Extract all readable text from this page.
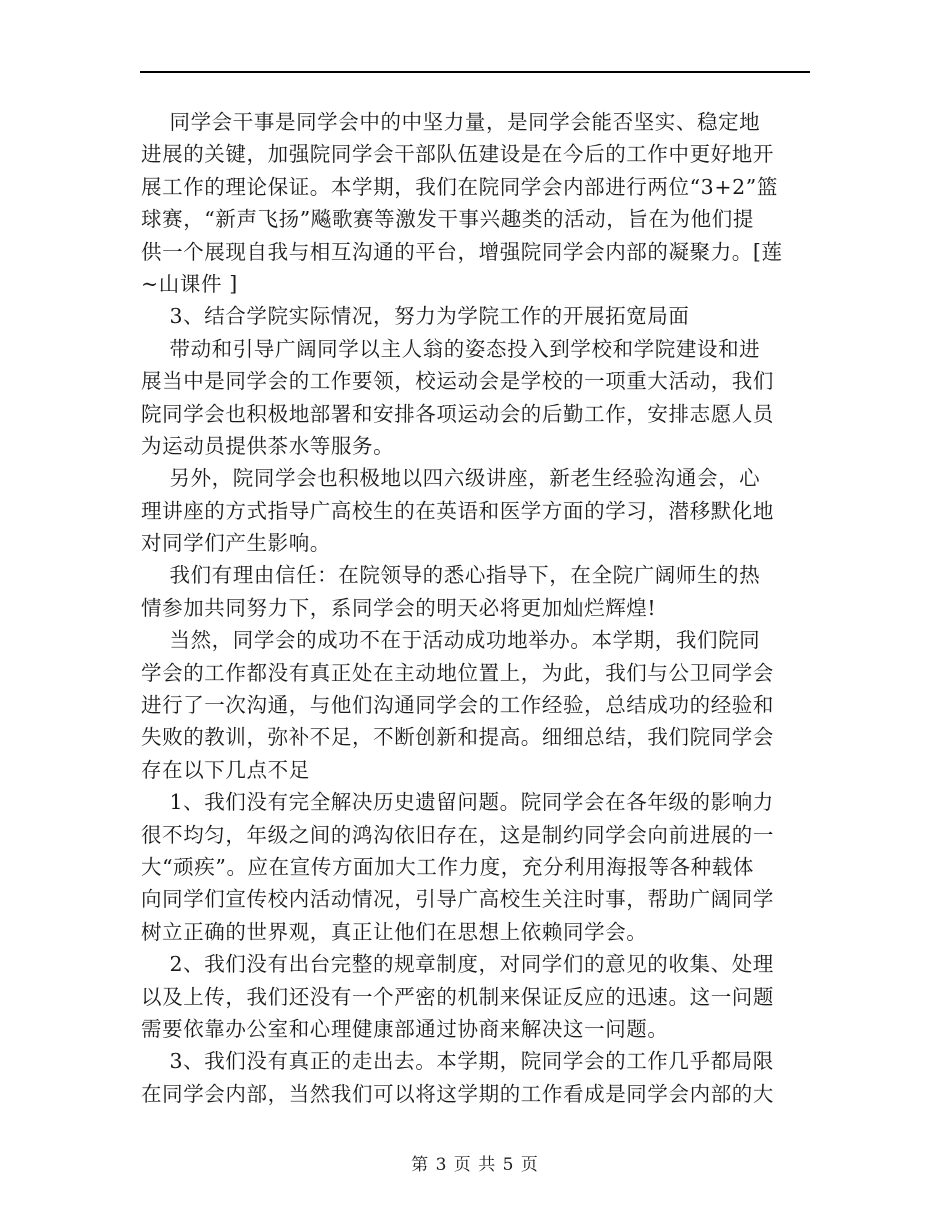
同学会干事是同学会中的中坚力量，是同学会能否坚实、稳定地
进展的关键，加强院同学会干部队伍建设是在今后的工作中更好地开
展工作的理论保证。本学期，我们在院同学会内部进行两位“3+2”篮
球赛，“新声飞扬”飚歌赛等激发干事兴趣类的活动，旨在为他们提
供一个展现自我与相互沟通的平台，增强院同学会内部的凝聚力。[莲
~山课件 ]
3、结合学院实际情况，努力为学院工作的开展拓宽局面
带动和引导广阔同学以主人翁的姿态投入到学校和学院建设和进
展当中是同学会的工作要领，校运动会是学校的一项重大活动，我们
院同学会也积极地部署和安排各项运动会的后勤工作，安排志愿人员
为运动员提供茶水等服务。
另外，院同学会也积极地以四六级讲座，新老生经验沟通会，心
理讲座的方式指导广高校生的在英语和医学方面的学习，潜移默化地
对同学们产生影响。
我们有理由信任：在院领导的悉心指导下，在全院广阔师生的热
情参加共同努力下，系同学会的明天必将更加灿烂辉煌!
当然，同学会的成功不在于活动成功地举办。本学期，我们院同
学会的工作都没有真正处在主动地位置上，为此，我们与公卫同学会
进行了一次沟通，与他们沟通同学会的工作经验，总结成功的经验和
失败的教训，弥补不足，不断创新和提高。细细总结，我们院同学会
存在以下几点不足
1、我们没有完全解决历史遗留问题。院同学会在各年级的影响力
很不均匀，年级之间的鸿沟依旧存在，这是制约同学会向前进展的一
大“顽疾”。应在宣传方面加大工作力度，充分利用海报等各种载体
向同学们宣传校内活动情况，引导广高校生关注时事，帮助广阔同学
树立正确的世界观，真正让他们在思想上依赖同学会。
2、我们没有出台完整的规章制度，对同学们的意见的收集、处理
以及上传，我们还没有一个严密的机制来保证反应的迅速。这一问题
需要依靠办公室和心理健康部通过协商来解决这一问题。
3、我们没有真正的走出去。本学期，院同学会的工作几乎都局限
在同学会内部，当然我们可以将这学期的工作看成是同学会内部的大
第 3 页 共 5 页
